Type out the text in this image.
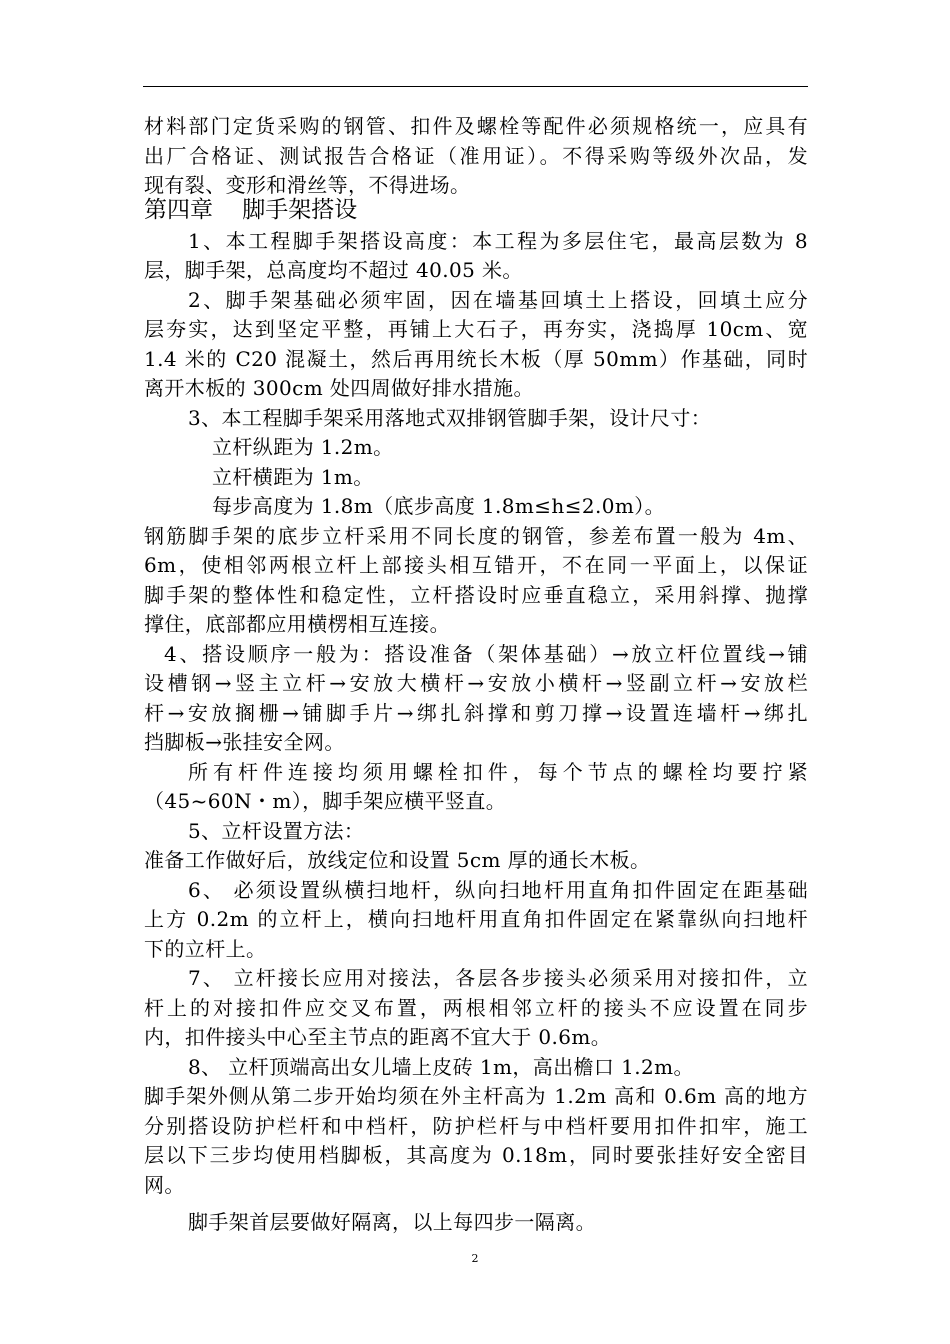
材料部门定货采购的钢管、扣件及螺栓等配件必须规格统一，应具有
出厂合格证、测试报告合格证（准用证）。不得采购等级外次品，发
现有裂、变形和滑丝等，不得进场。
第四章    脚手架搭设
1、本工程脚手架搭设高度：本工程为多层住宅，最高层数为 8
层，脚手架，总高度均不超过 40.05 米。
2、脚手架基础必须牢固，因在墙基回填土上搭设，回填土应分
层夯实，达到坚定平整，再铺上大石子，再夯实，浇捣厚 10cm、宽
1.4 米的 C20 混凝土，然后再用统长木板（厚 50mm）作基础，同时
离开木板的 300cm 处四周做好排水措施。
3、本工程脚手架采用落地式双排钢管脚手架，设计尺寸：
立杆纵距为 1.2m。
立杆横距为 1m。
每步高度为 1.8m（底步高度 1.8m≤h≤2.0m）。
钢筋脚手架的底步立杆采用不同长度的钢管，参差布置一般为 4m、
6m，使相邻两根立杆上部接头相互错开，不在同一平面上，以保证
脚手架的整体性和稳定性，立杆搭设时应垂直稳立，采用斜撑、抛撑
撑住，底部都应用横楞相互连接。
4、搭设顺序一般为：搭设准备（架体基础）→放立杆位置线→铺
设槽钢→竖主立杆→安放大横杆→安放小横杆→竖副立杆→安放栏
杆→安放搁栅→铺脚手片→绑扎斜撑和剪刀撑→设置连墙杆→绑扎
挡脚板→张挂安全网。
所有杆件连接均须用螺栓扣件，每个节点的螺栓均要拧紧
（45~60N・m），脚手架应横平竖直。
5、立杆设置方法：
准备工作做好后，放线定位和设置 5cm 厚的通长木板。
6、 必须设置纵横扫地杆，纵向扫地杆用直角扣件固定在距基础
上方 0.2m 的立杆上，横向扫地杆用直角扣件固定在紧靠纵向扫地杆
下的立杆上。
7、 立杆接长应用对接法，各层各步接头必须采用对接扣件，立
杆上的对接扣件应交叉布置，两根相邻立杆的接头不应设置在同步
内，扣件接头中心至主节点的距离不宜大于 0.6m。
8、 立杆顶端高出女儿墙上皮砖 1m，高出檐口 1.2m。
脚手架外侧从第二步开始均须在外主杆高为 1.2m 高和 0.6m 高的地方
分别搭设防护栏杆和中档杆，防护栏杆与中档杆要用扣件扣牢，施工
层以下三步均使用档脚板，其高度为 0.18m，同时要张挂好安全密目
网。
脚手架首层要做好隔离，以上每四步一隔离。
2
